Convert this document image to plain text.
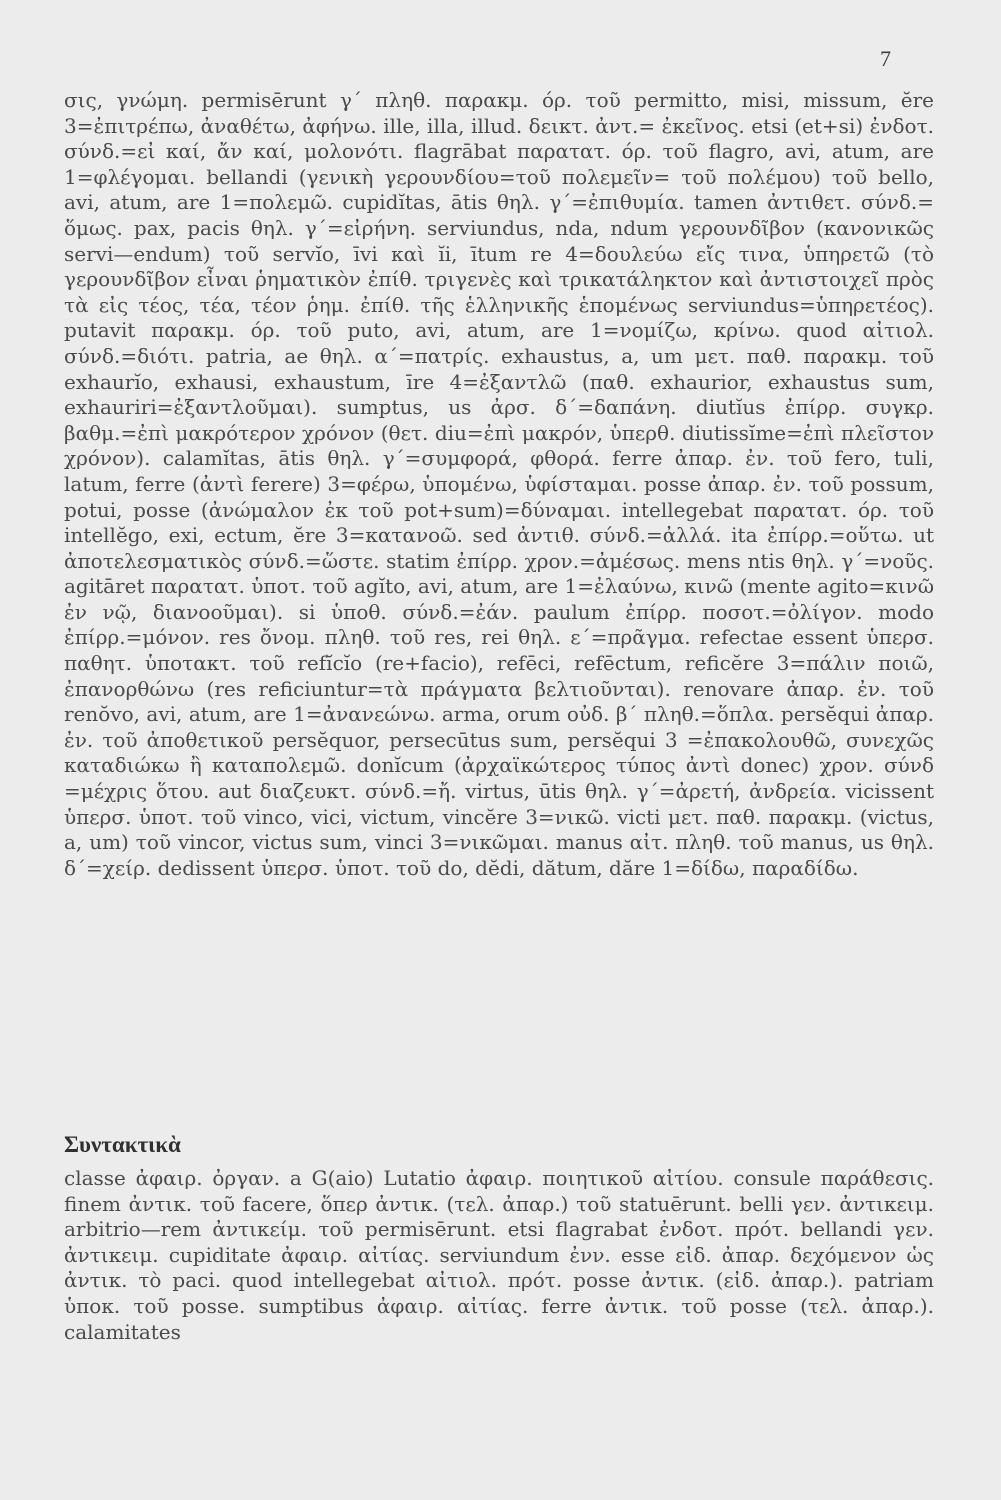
7

σις, γνώμη. permisērunt γ΄ πληθ. παρακμ. όρ. τοῦ permitto, misi, missum, ĕre 3=ἐπιτρέπω, ἀναθέτω, ἀφήνω. ille, illa, illud. δεικτ. ἀντ.= ἐκεῖνος. etsi (et+si) ἐνδοτ. σύνδ.=εἰ καί, ἄν καί, μολονότι. flagrābat παρατατ. όρ. τοῦ flagro, avi, atum, are 1=φλέγομαι. bellandi (γενικὴ γερουνδίου=τοῦ πολεμεῖν= τοῦ πολέμου) τοῦ bello, avi, atum, are 1=πολεμῶ. cupidĭtas, ātis θηλ. γ΄=ἐπιθυμία. tamen ἀντιθετ. σύνδ.= ὅμως. pax, pacis θηλ. γ΄=εἰρήνη. serviundus, nda, ndum γερουνδῖβον (κανονικῶς servi—endum) τοῦ servĭo, īvi καὶ ĭi, ītum re 4=δουλεύω εἴς τινα, ὑπηρετῶ (τὸ γερουνδῖβον εἶναι ῥηματικὸν ἐπίθ. τριγενὲς καὶ τρικατάληκτον καὶ ἀντιστοιχεῖ πρὸς τὰ εἰς τέος, τέα, τέον ῥημ. ἐπίθ. τῆς ἑλληνικῆς ἑπομένως serviundus=ὑπηρετέος). putavit παρακμ. όρ. τοῦ puto, avi, atum, are 1=νομίζω, κρίνω. quod αἰτιολ. σύνδ.=διότι. patria, ae θηλ. α΄=πατρίς. exhaustus, a, um μετ. παθ. παρακμ. τοῦ exhaurĭo, exhausi, exhaustum, īre 4=ἐξαντλῶ (παθ. exhaurior, exhaustus sum, exhauriri=ἐξαντλοῦμαι). sumptus, us ἀρσ. δ΄=δαπάνη. diutĭus ἐπίρρ. συγκρ. βαθμ.=ἐπὶ μακρότερον χρόνον (θετ. diu=ἐπὶ μακρόν, ὑπερθ. diutissĭme=ἐπὶ πλεῖστον χρόνον). calamĭtas, ātis θηλ. γ΄=συμφορά, φθορά. ferre ἀπαρ. ἐν. τοῦ fero, tuli, latum, ferre (ἀντὶ ferere) 3=φέρω, ὑπομένω, ὑφίσταμαι. posse ἀπαρ. ἐν. τοῦ possum, potui, posse (ἀνώμαλον ἐκ τοῦ pot+sum)=δύναμαι. intellegebat παρατατ. όρ. τοῦ intellĕgo, exi, ectum, ĕre 3=κατανοῶ. sed ἀντιθ. σύνδ.=ἀλλά. ita ἐπίρρ.=οὕτω. ut ἀποτελεσματικὸς σύνδ.=ὥστε. statim ἐπίρρ. χρον.=ἀμέσως. mens ntis θηλ. γ΄=νοῦς. agitāret παρατατ. ὑποτ. τοῦ agĭto, avi, atum, are 1=ἐλαύνω, κινῶ (mente agito=κινῶ ἐν νῷ, διανοοῦμαι). si ὑποθ. σύνδ.=ἐάν. paulum ἐπίρρ. ποσοτ.=ὀλίγον. modo ἐπίρρ.=μόνον. res ὄνομ. πληθ. τοῦ res, rei θηλ. ε΄=πρᾶγμα. refectae essent ὑπερσ. παθητ. ὑποτακτ. τοῦ refĭcĭo (re+facio), refēci, refēctum, reficĕre 3=πάλιν ποιῶ, ἐπανορθώνω (res reficiuntur=τὰ πράγματα βελτιοῦνται). renovare ἀπαρ. ἐν. τοῦ renŏvo, avi, atum, are 1=ἀνανεώνω. arma, orum οὐδ. β΄ πληθ.=ὅπλα. persĕqui ἀπαρ. ἐν. τοῦ ἀποθετικοῦ persĕquor, persecūtus sum, persĕqui 3 =ἐπακολουθῶ, συνεχῶς καταδιώκω ἢ καταπολεμῶ. donĭcum (ἀρχαϊκώτερος τύπος ἀντὶ donec) χρον. σύνδ =μέχρις ὅτου. aut διαζευκτ. σύνδ.=ἤ. virtus, ūtis θηλ. γ΄=ἀρετή, ἀνδρεία. vicissent ὑπερσ. ὑποτ. τοῦ vinco, vici, victum, vincĕre 3=νικῶ. victi μετ. παθ. παρακμ. (victus, a, um) τοῦ vincor, victus sum, vinci 3=νικῶμαι. manus αἰτ. πληθ. τοῦ manus, us θηλ. δ΄=χείρ. dedissent ὑπερσ. ὑποτ. τοῦ do, dĕdi, dătum, dăre 1=δίδω, παραδίδω.

Συντακτικὰ

classe ἀφαιρ. ὀργαν. a G(aio) Lutatio ἀφαιρ. ποιητικοῦ αἰτίου. consule παράθεσις. finem ἀντικ. τοῦ facere, ὅπερ ἀντικ. (τελ. ἀπαρ.) τοῦ statuērunt. belli γεν. ἀντικειμ. arbitrio—rem ἀντικείμ. τοῦ permisērunt. etsi flagrabat ἐνδοτ. πρότ. bellandi γεν. ἀντικειμ. cupiditate ἀφαιρ. αἰτίας. serviundum ἐνν. esse εἰδ. ἀπαρ. δεχόμενον ὡς ἀντικ. τὸ paci. quod intellegebat αἰτιολ. πρότ. posse ἀντικ. (εἰδ. ἀπαρ.). patriam ὑποκ. τοῦ posse. sumptibus ἀφαιρ. αἰτίας. ferre ἀντικ. τοῦ posse (τελ. ἀπαρ.). calamitates
